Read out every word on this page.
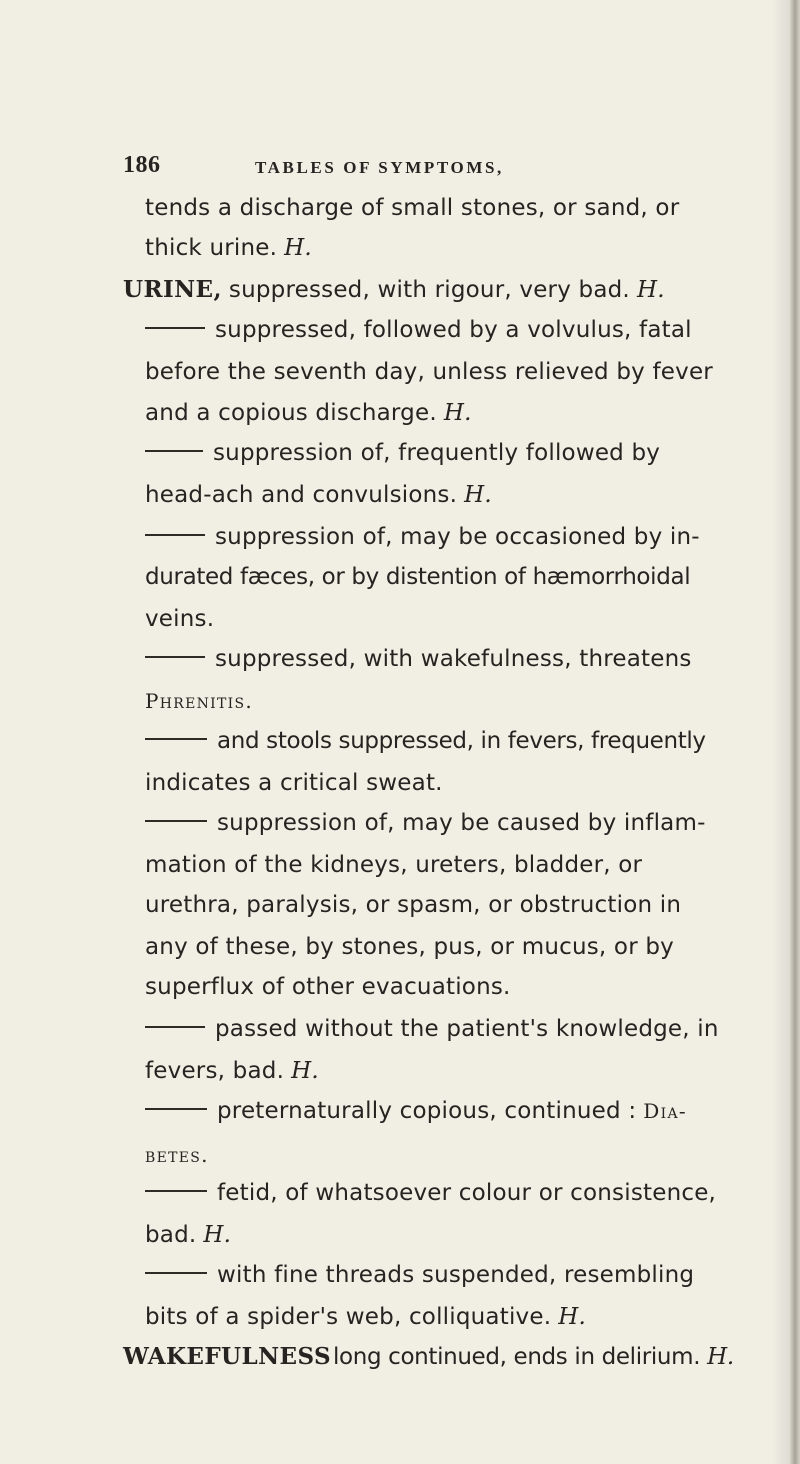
186	TABLES OF SYMPTOMS,
tends a discharge of small stones, or sand, or
thick urine. H.
URINE, suppressed, with rigour, very bad. H.
suppressed, followed by a volvulus, fatal
before the seventh day, unless relieved by fever
and a copious discharge. H.
suppression of, frequently followed by
head-ach and convulsions. H.
suppression of, may be occasioned by in-
durated fæces, or by distention of hæmorrhoidal
veins.
suppressed, with wakefulness, threatens
Phrenitis.
and stools suppressed, in fevers, frequently
indicates a critical sweat.
suppression of, may be caused by inflam-
mation of the kidneys, ureters, bladder, or
urethra, paralysis, or spasm, or obstruction in
any of these, by stones, pus, or mucus, or by
superflux of other evacuations.
passed without the patient's knowledge, in
fevers, bad. H.
preternaturally copious, continued : Dia-
betes.
fetid, of whatsoever colour or consistence,
bad. H.
with fine threads suspended, resembling
bits of a spider's web, colliquative. H.
WAKEFULNESSlong continued, ends in delirium. H.
